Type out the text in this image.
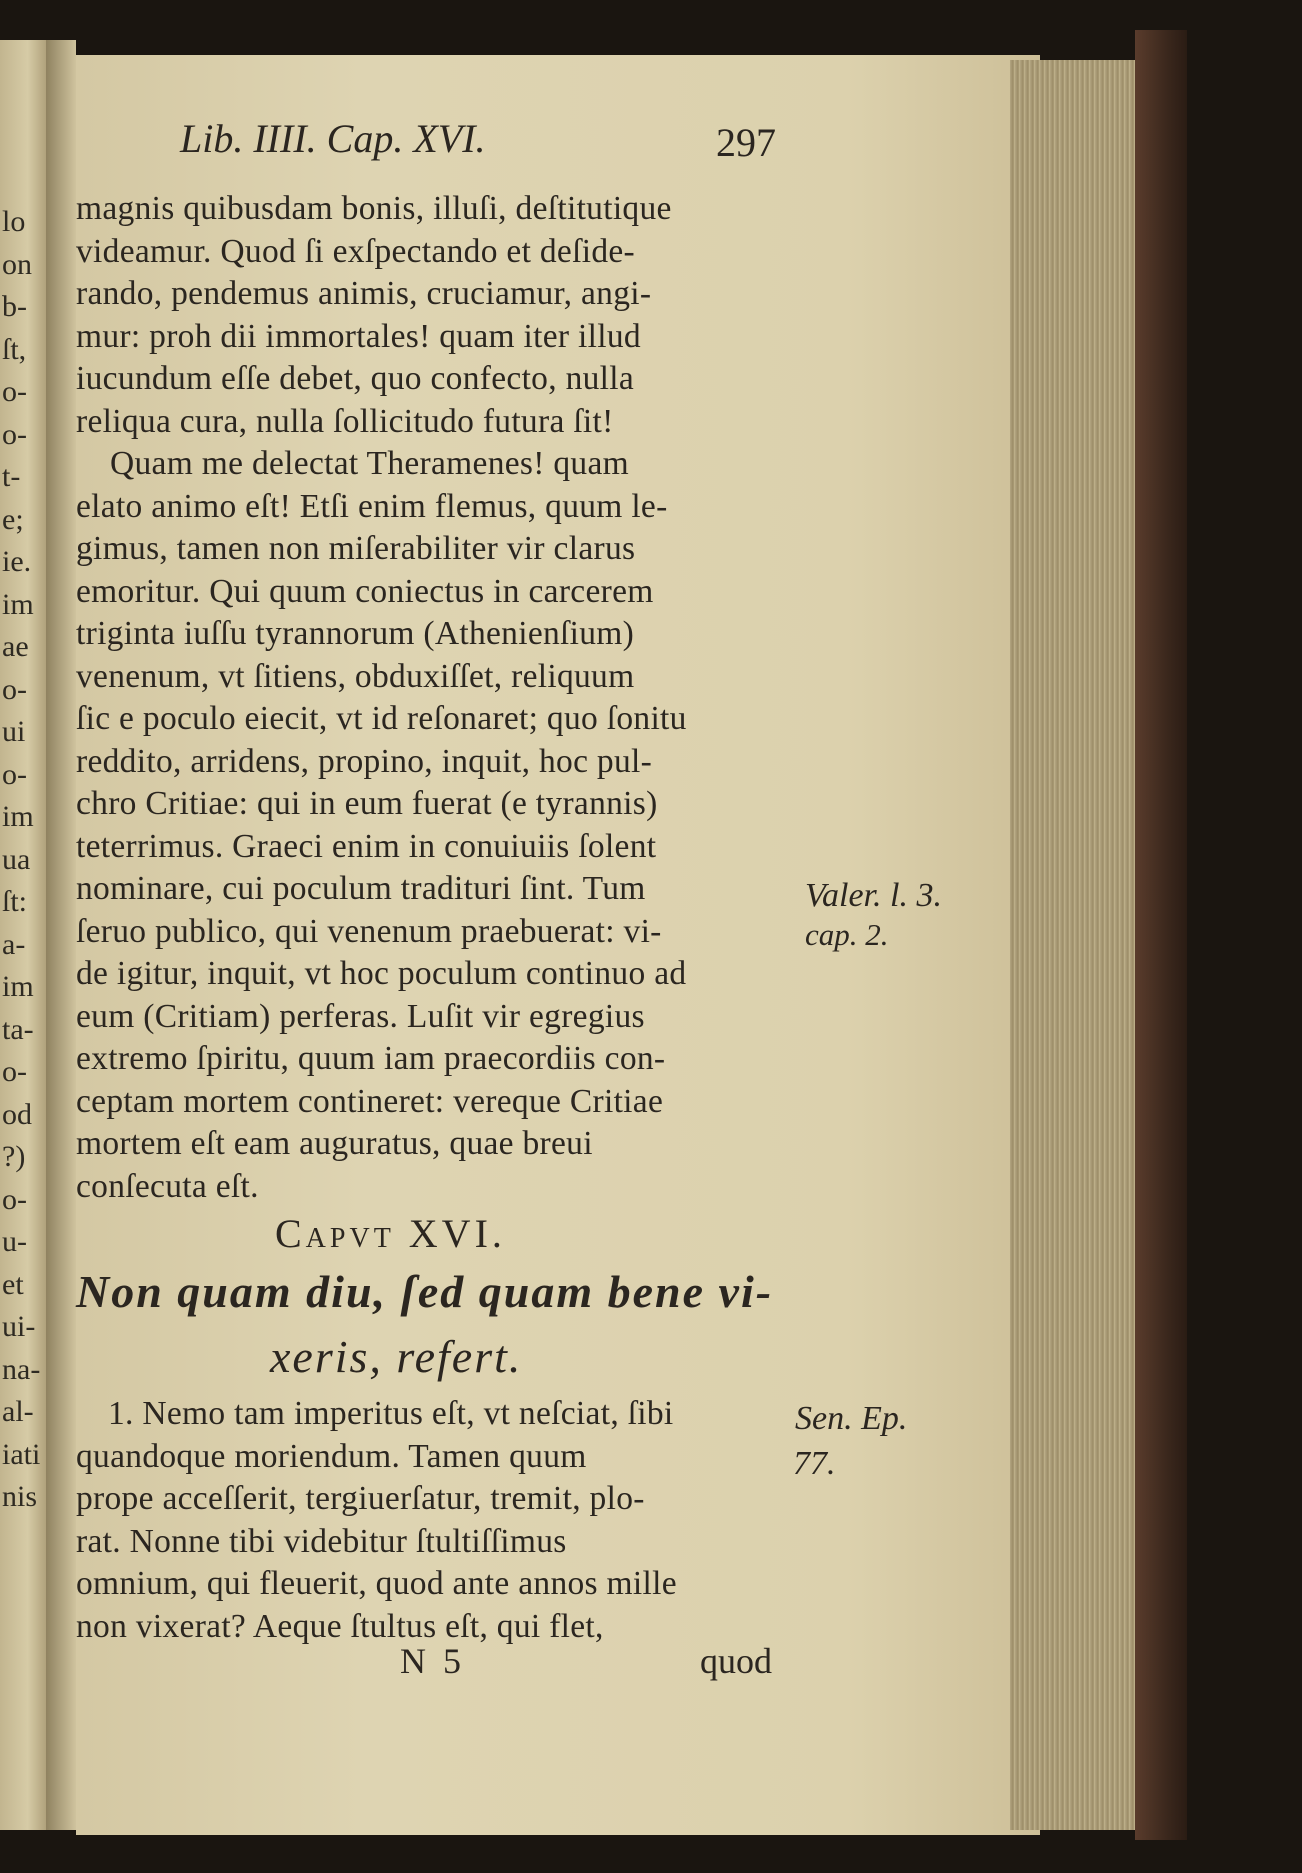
lo
on
b-
ſt,
o-
o-
t-
e;
ie.
im
ae
o-
ui
o-
im
ua
ſt:
a-
im
ta-
o-
od
?)
o-
u-
et
ui-
na-
al-
iati
nis
Lib. IIII. Cap. XVI.	297
magnis quibusdam bonis, illuſi, deſtitutique
videamur. Quod ſi exſpectando et deſide-
rando, pendemus animis, cruciamur, angi-
mur: proh dii immortales! quam iter illud
iucundum eſſe debet, quo confecto, nulla
reliqua cura, nulla ſollicitudo futura ſit!
Quam me delectat Theramenes! quam
elato animo eſt! Etſi enim flemus, quum le-
gimus, tamen non miſerabiliter vir clarus
emoritur. Qui quum coniectus in carcerem
triginta iuſſu tyrannorum (Athenienſium)
venenum, vt ſitiens, obduxiſſet, reliquum
ſic e poculo eiecit, vt id reſonaret; quo ſonitu
reddito, arridens, propino, inquit, hoc pul-
chro Critiae: qui in eum fuerat (e tyrannis)
teterrimus. Graeci enim in conuiuiis ſolent
nominare, cui poculum tradituri ſint. Tum
ſeruo publico, qui venenum praebuerat: vi-
de igitur, inquit, vt hoc poculum continuo ad
eum (Critiam) perferas. Luſit vir egregius
extremo ſpiritu, quum iam praecordiis con-
ceptam mortem contineret: vereque Critiae
mortem eſt eam auguratus, quae breui
conſecuta eſt.
Capvt XVI.
Non quam diu, ſed quam bene vi-
xeris, refert.
1. Nemo tam imperitus eſt, vt neſciat, ſibi
quandoque moriendum. Tamen quum
prope acceſſerit, tergiuerſatur, tremit, plo-
rat. Nonne tibi videbitur ſtultiſſimus
omnium, qui fleuerit, quod ante annos mille
non vixerat? Aeque ſtultus eſt, qui flet,
Valer. l. 3.
cap. 2.
Sen. Ep.
77.
N 5	quod
